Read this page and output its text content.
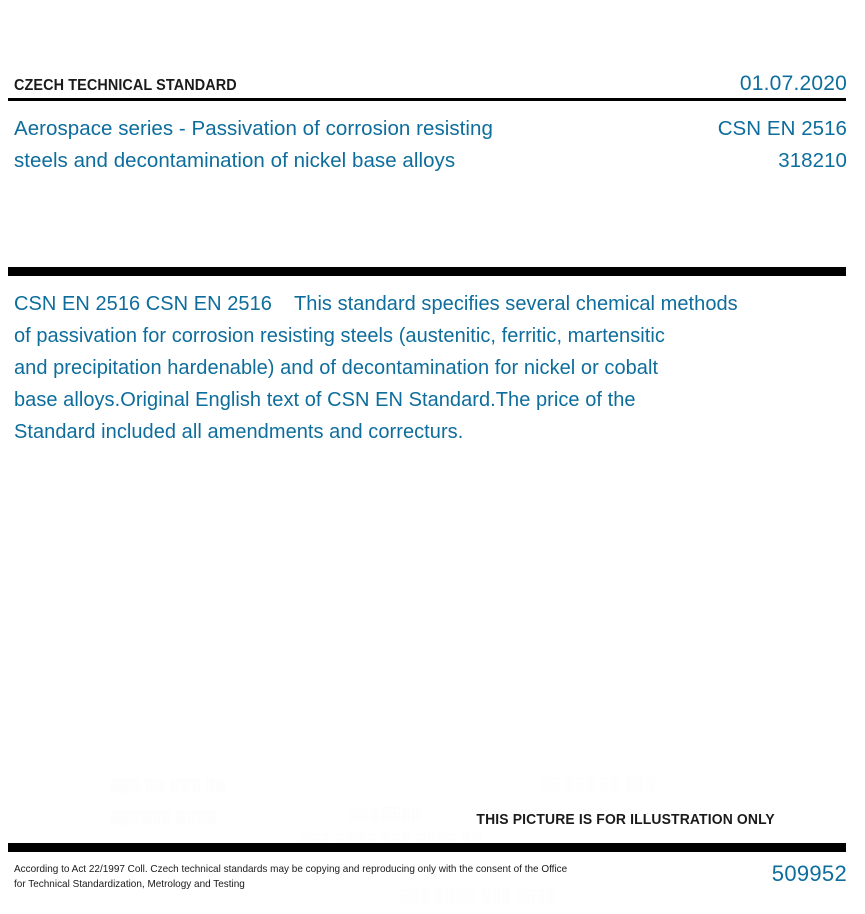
CZECH TECHNICAL STANDARD	01.07.2020
Aerospace series - Passivation of corrosion resisting
steels and decontamination of nickel base alloys
CSN EN 2516
318210
CSN EN 2516 CSN EN 2516    This standard specifies several chemical methods
of passivation for corrosion resisting steels (austenitic, ferritic, martensitic
and precipitation hardenable) and of decontamination for nickel or cobalt
base alloys.Original English text of CSN EN Standard.The price of the
Standard included all amendments and correcturs.
THIS PICTURE IS FOR ILLUSTRATION ONLY
According to Act 22/1997 Coll. Czech technical standards may be copying and reproducing only with the consent of the Office
for Technical Standardization, Metrology and Testing	509952
